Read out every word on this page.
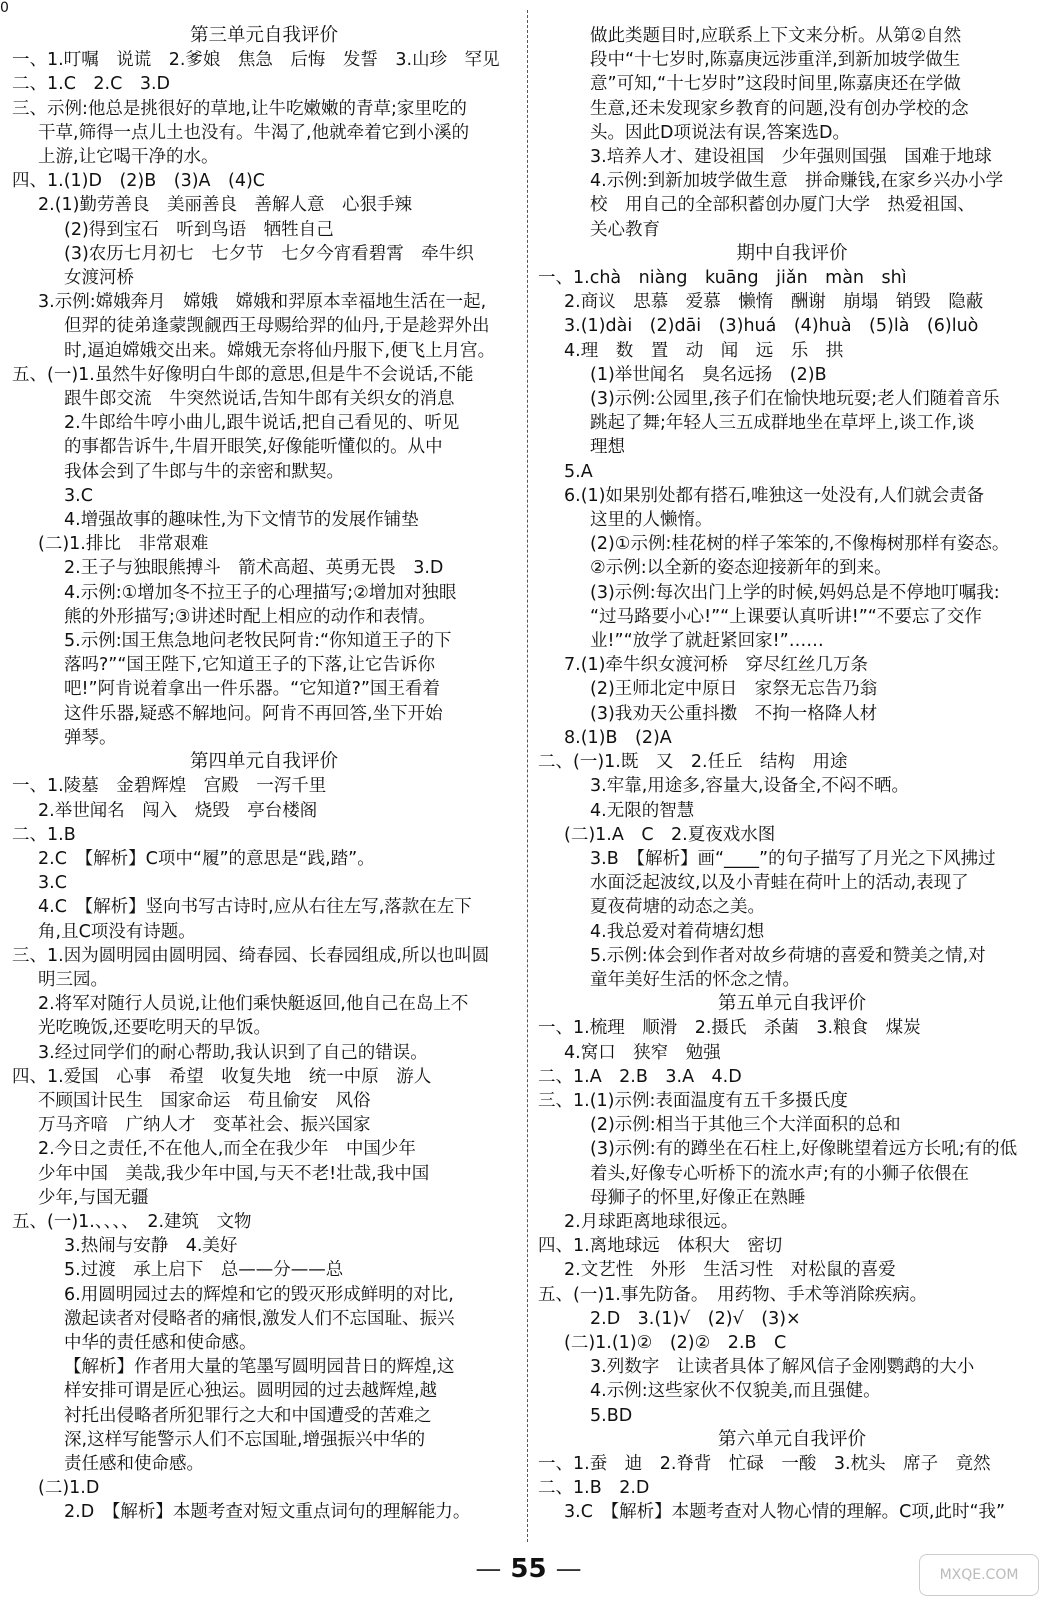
0

第三单元自我评价

一、1.叮嘱　说谎　2.爹娘　焦急　后悔　发誓　3.山珍　罕见

二、1.C　2.C　3.D

三、示例:他总是挑很好的草地,让牛吃嫩嫩的青草;家里吃的

干草,筛得一点儿土也没有。牛渴了,他就牵着它到小溪的

上游,让它喝干净的水。

四、1.(1)D　(2)B　(3)A　(4)C

2.(1)勤劳善良　美丽善良　善解人意　心狠手辣

(2)得到宝石　听到鸟语　牺牲自己

(3)农历七月初七　七夕节　七夕今宵看碧霄　牵牛织

女渡河桥

3.示例:嫦娥奔月　嫦娥　嫦娥和羿原本幸福地生活在一起,

但羿的徒弟逢蒙觊觎西王母赐给羿的仙丹,于是趁羿外出

时,逼迫嫦娥交出来。嫦娥无奈将仙丹服下,便飞上月宫。

五、(一)1.虽然牛好像明白牛郎的意思,但是牛不会说话,不能

跟牛郎交流　牛突然说话,告知牛郎有关织女的消息

2.牛郎给牛哼小曲儿,跟牛说话,把自己看见的、听见

的事都告诉牛,牛眉开眼笑,好像能听懂似的。从中

我体会到了牛郎与牛的亲密和默契。

3.C

4.增强故事的趣味性,为下文情节的发展作铺垫

(二)1.排比　非常艰难

2.王子与独眼熊搏斗　箭术高超、英勇无畏　3.D

4.示例:①增加冬不拉王子的心理描写;②增加对独眼

熊的外形描写;③讲述时配上相应的动作和表情。

5.示例:国王焦急地问老牧民阿肯:“你知道王子的下

落吗?”“国王陛下,它知道王子的下落,让它告诉你

吧!”阿肯说着拿出一件乐器。“它知道?”国王看着

这件乐器,疑惑不解地问。阿肯不再回答,坐下开始

弹琴。

第四单元自我评价

一、1.陵墓　金碧辉煌　宫殿　一泻千里

2.举世闻名　闯入　烧毁　亭台楼阁

二、1.B

2.C　【解析】C项中“履”的意思是“践,踏”。

3.C

4.C　【解析】竖向书写古诗时,应从右往左写,落款在左下

角,且C项没有诗题。

三、1.因为圆明园由圆明园、绮春园、长春园组成,所以也叫圆

明三园。

2.将军对随行人员说,让他们乘快艇返回,他自己在岛上不

光吃晚饭,还要吃明天的早饭。

3.经过同学们的耐心帮助,我认识到了自己的错误。

四、1.爱国　心事　希望　收复失地　统一中原　游人

不顾国计民生　国家命运　苟且偷安　风俗

万马齐喑　广纳人才　变革社会、振兴国家

2.今日之责任,不在他人,而全在我少年　中国少年

少年中国　美哉,我少年中国,与天不老!壮哉,我中国

少年,与国无疆

五、(一)1.、、、、　2.建筑　文物

3.热闹与安静　4.美好

5.过渡　承上启下　总——分——总

6.用圆明园过去的辉煌和它的毁灭形成鲜明的对比,

激起读者对侵略者的痛恨,激发人们不忘国耻、振兴

中华的责任感和使命感。

【解析】作者用大量的笔墨写圆明园昔日的辉煌,这

样安排可谓是匠心独运。圆明园的过去越辉煌,越

衬托出侵略者所犯罪行之大和中国遭受的苦难之

深,这样写能警示人们不忘国耻,增强振兴中华的

责任感和使命感。

(二)1.D

2.D　【解析】本题考查对短文重点词句的理解能力。

做此类题目时,应联系上下文来分析。从第②自然

段中“十七岁时,陈嘉庚远涉重洋,到新加坡学做生

意”可知,“十七岁时”这段时间里,陈嘉庚还在学做

生意,还未发现家乡教育的问题,没有创办学校的念

头。因此D项说法有误,答案选D。

3.培养人才、建设祖国　少年强则国强　国难于地球

4.示例:到新加坡学做生意　拼命赚钱,在家乡兴办小学

校　用自己的全部积蓄创办厦门大学　热爱祖国、

关心教育

期中自我评价

一、1.chà　niàng　kuāng　jiǎn　màn　shì

2.商议　思慕　爱慕　懒惰　酬谢　崩塌　销毁　隐蔽

3.(1)dài　(2)dāi　(3)huá　(4)huà　(5)là　(6)luò

4.理　数　置　动　闻　远　乐　拱

(1)举世闻名　臭名远扬　(2)B

(3)示例:公园里,孩子们在愉快地玩耍;老人们随着音乐

跳起了舞;年轻人三五成群地坐在草坪上,谈工作,谈

理想

5.A

6.(1)如果别处都有搭石,唯独这一处没有,人们就会责备

这里的人懒惰。

(2)①示例:桂花树的样子笨笨的,不像梅树那样有姿态。

②示例:以全新的姿态迎接新年的到来。

(3)示例:每次出门上学的时候,妈妈总是不停地叮嘱我:

“过马路要小心!”“上课要认真听讲!”“不要忘了交作

业!”“放学了就赶紧回家!”……

7.(1)牵牛织女渡河桥　穿尽红丝几万条

(2)王师北定中原日　家祭无忘告乃翁

(3)我劝天公重抖擞　不拘一格降人材

8.(1)B　(2)A

二、(一)1.既　又　2.任丘　结构　用途

3.牢靠,用途多,容量大,设备全,不闷不晒。

4.无限的智慧

(二)1.A　C　2.夏夜戏水图

3.B　【解析】画“____”的句子描写了月光之下风拂过

水面泛起波纹,以及小青蛙在荷叶上的活动,表现了

夏夜荷塘的动态之美。

4.我总爱对着荷塘幻想

5.示例:体会到作者对故乡荷塘的喜爱和赞美之情,对

童年美好生活的怀念之情。

第五单元自我评价

一、1.梳理　顺滑　2.摄氏　杀菌　3.粮食　煤炭

4.窝口　狭窄　勉强

二、1.A　2.B　3.A　4.D

三、1.(1)示例:表面温度有五千多摄氏度

(2)示例:相当于其他三个大洋面积的总和

(3)示例:有的蹲坐在石柱上,好像眺望着远方长吼;有的低

着头,好像专心听桥下的流水声;有的小狮子依偎在

母狮子的怀里,好像正在熟睡

2.月球距离地球很远。

四、1.离地球远　体积大　密切

2.文艺性　外形　生活习性　对松鼠的喜爱

五、(一)1.事先防备。　用药物、手术等消除疾病。

2.D　3.(1)√　(2)√　(3)×

(二)1.(1)②　(2)②　2.B　C

3.列数字　让读者具体了解风信子金刚鹦鹉的大小

4.示例:这些家伙不仅貌美,而且强健。

5.BD

第六单元自我评价

一、1.蚕　迪　2.脊背　忙碌　一酸　3.枕头　席子　竟然

二、1.B　2.D

3.C　【解析】本题考查对人物心情的理解。C项,此时“我”

— 55 —	MXQE.COM
